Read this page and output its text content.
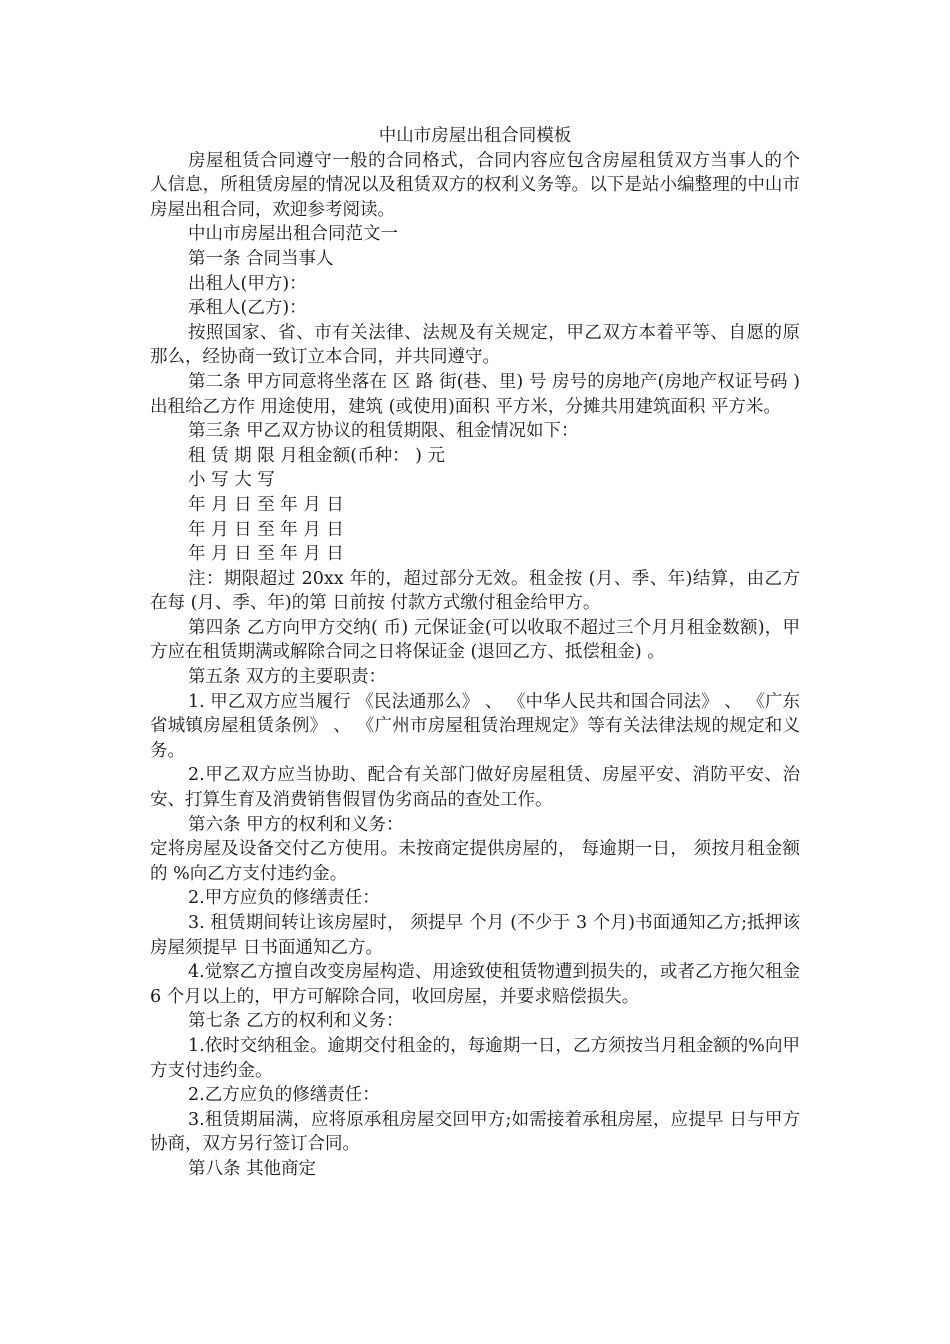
中山市房屋出租合同模板

房屋租赁合同遵守一般的合同格式，合同内容应包含房屋租赁双方当事人的个人信息，所租赁房屋的情况以及租赁双方的权利义务等。以下是站小编整理的中山市房屋出租合同，欢迎参考阅读。

中山市房屋出租合同范文一

第一条 合同当事人

出租人(甲方)：

承租人(乙方)：

按照国家、省、市有关法律、法规及有关规定，甲乙双方本着平等、自愿的原那么，经协商一致订立本合同，并共同遵守。

第二条 甲方同意将坐落在 区 路 街(巷、里) 号 房号的房地产(房地产权证号码 )出租给乙方作 用途使用，建筑 (或使用)面积 平方米，分摊共用建筑面积 平方米。

第三条 甲乙双方协议的租赁期限、租金情况如下：

租 赁 期 限 月租金额(币种： ) 元

小 写 大 写

年 月 日 至 年 月 日

年 月 日 至 年 月 日

年 月 日 至 年 月 日

注：期限超过 20xx 年的，超过部分无效。租金按 (月、季、年)结算，由乙方在每 (月、季、年)的第 日前按 付款方式缴付租金给甲方。

第四条 乙方向甲方交纳( 币) 元保证金(可以收取不超过三个月月租金数额)，甲方应在租赁期满或解除合同之日将保证金 (退回乙方、抵偿租金) 。

第五条 双方的主要职责：

1. 甲乙双方应当履行 《民法通那么》 、 《中华人民共和国合同法》 、 《广东省城镇房屋租赁条例》 、 《广州市房屋租赁治理规定》等有关法律法规的规定和义务。

2.甲乙双方应当协助、配合有关部门做好房屋租赁、房屋平安、消防平安、治安、打算生育及消费销售假冒伪劣商品的查处工作。

第六条 甲方的权利和义务：

定将房屋及设备交付乙方使用。未按商定提供房屋的， 每逾期一日， 须按月租金额的 %向乙方支付违约金。

2.甲方应负的修缮责任：

3. 租赁期间转让该房屋时， 须提早 个月 (不少于 3 个月)书面通知乙方;抵押该房屋须提早 日书面通知乙方。

4.觉察乙方擅自改变房屋构造、用途致使租赁物遭到损失的，或者乙方拖欠租金 6 个月以上的，甲方可解除合同，收回房屋，并要求赔偿损失。

第七条 乙方的权利和义务：

1.依时交纳租金。逾期交付租金的，每逾期一日，乙方须按当月租金额的%向甲方支付违约金。

2.乙方应负的修缮责任：

3.租赁期届满，应将原承租房屋交回甲方;如需接着承租房屋，应提早 日与甲方协商，双方另行签订合同。

第八条 其他商定
